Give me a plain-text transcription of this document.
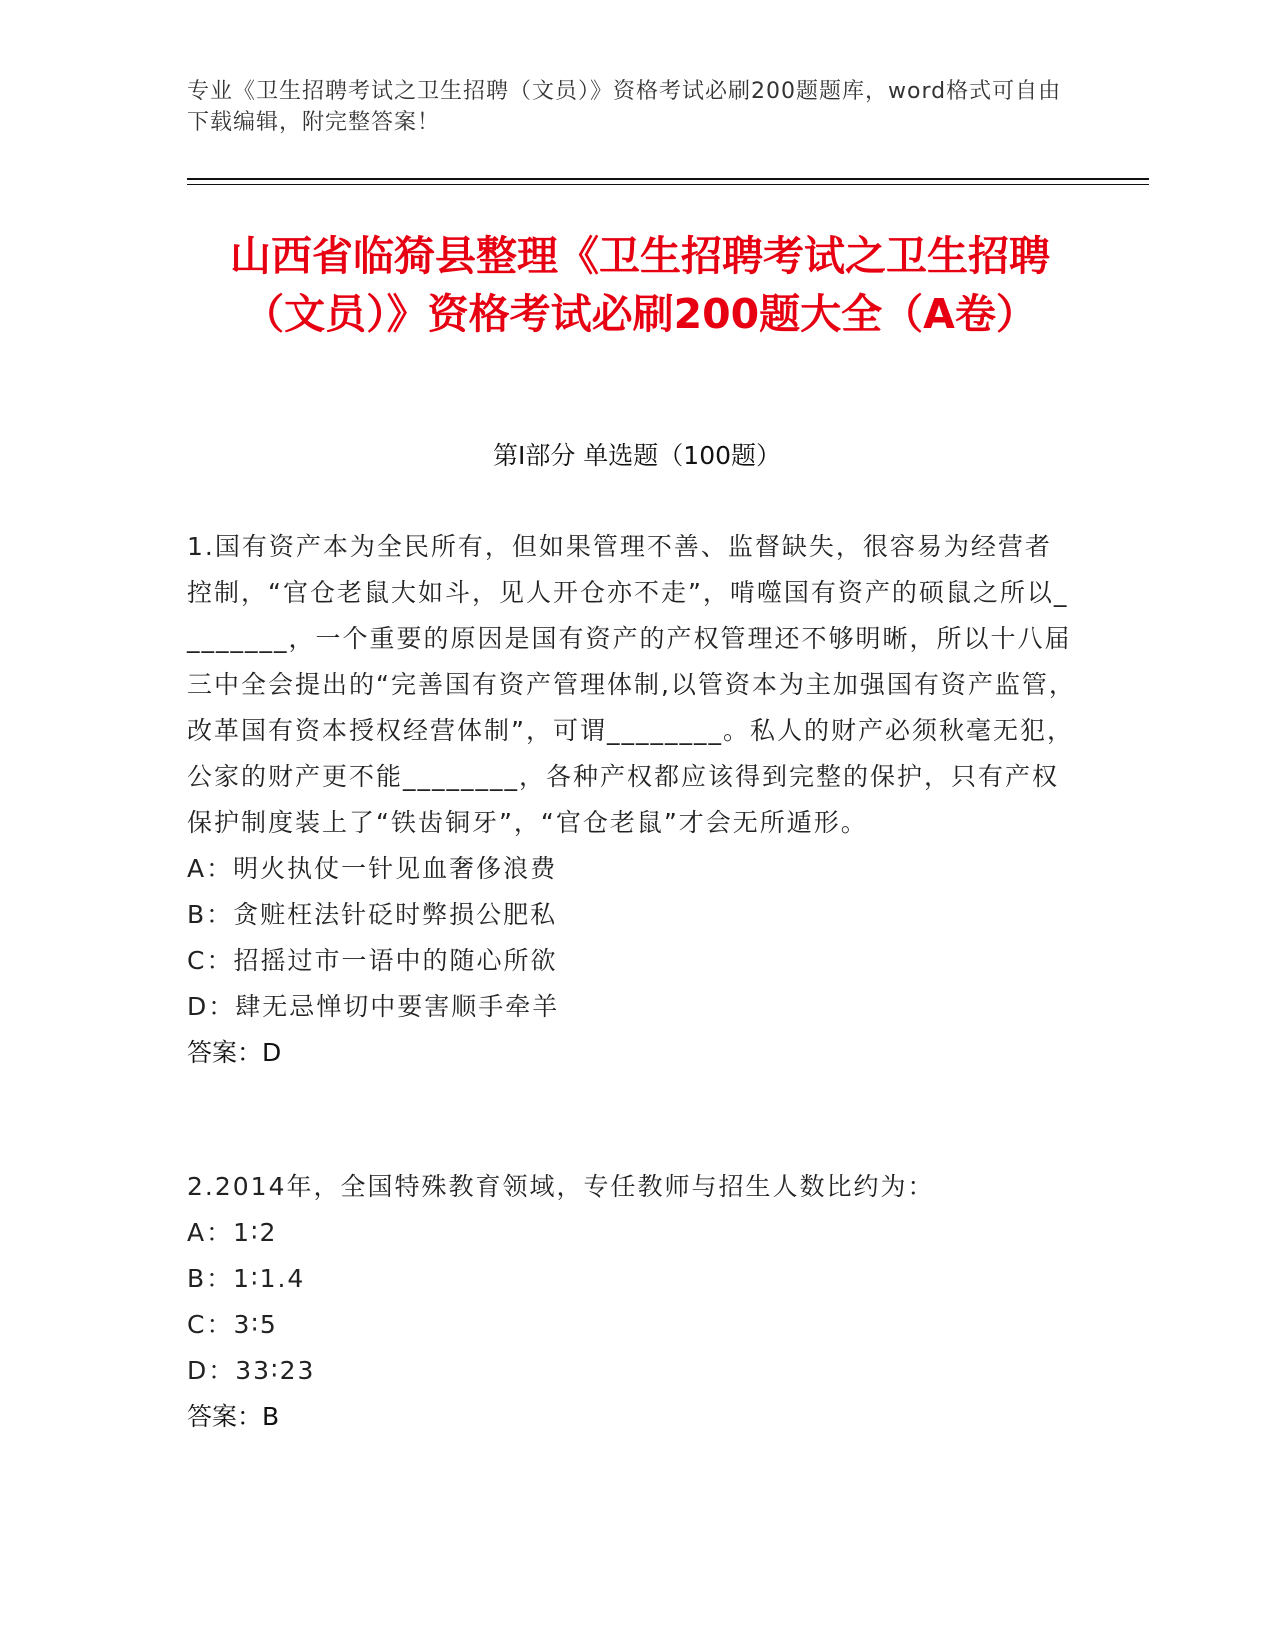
专业《卫生招聘考试之卫生招聘（文员）》资格考试必刷200题题库，word格式可自由下载编辑，附完整答案！
山西省临猗县整理《卫生招聘考试之卫生招聘（文员）》资格考试必刷200题大全（A卷）
第Ⅰ部分 单选题（100题）
1.国有资产本为全民所有，但如果管理不善、监督缺失，很容易为经营者控制，“官仓老鼠大如斗，见人开仓亦不走”，啃噬国有资产的硕鼠之所以________，一个重要的原因是国有资产的产权管理还不够明晰，所以十八届三中全会提出的“完善国有资产管理体制,以管资本为主加强国有资产监管，改革国有资本授权经营体制”，可谓________。私人的财产必须秋毫无犯，公家的财产更不能________，各种产权都应该得到完整的保护，只有产权保护制度装上了“铁齿铜牙”，“官仓老鼠”才会无所遁形。
A：明火执仗一针见血奢侈浪费
B：贪赃枉法针砭时弊损公肥私
C：招摇过市一语中的随心所欲
D：肆无忌惮切中要害顺手牵羊
答案：D
2.2014年，全国特殊教育领域，专任教师与招生人数比约为：
A：1∶2
B：1∶1.4
C：3∶5
D：33∶23
答案：B
